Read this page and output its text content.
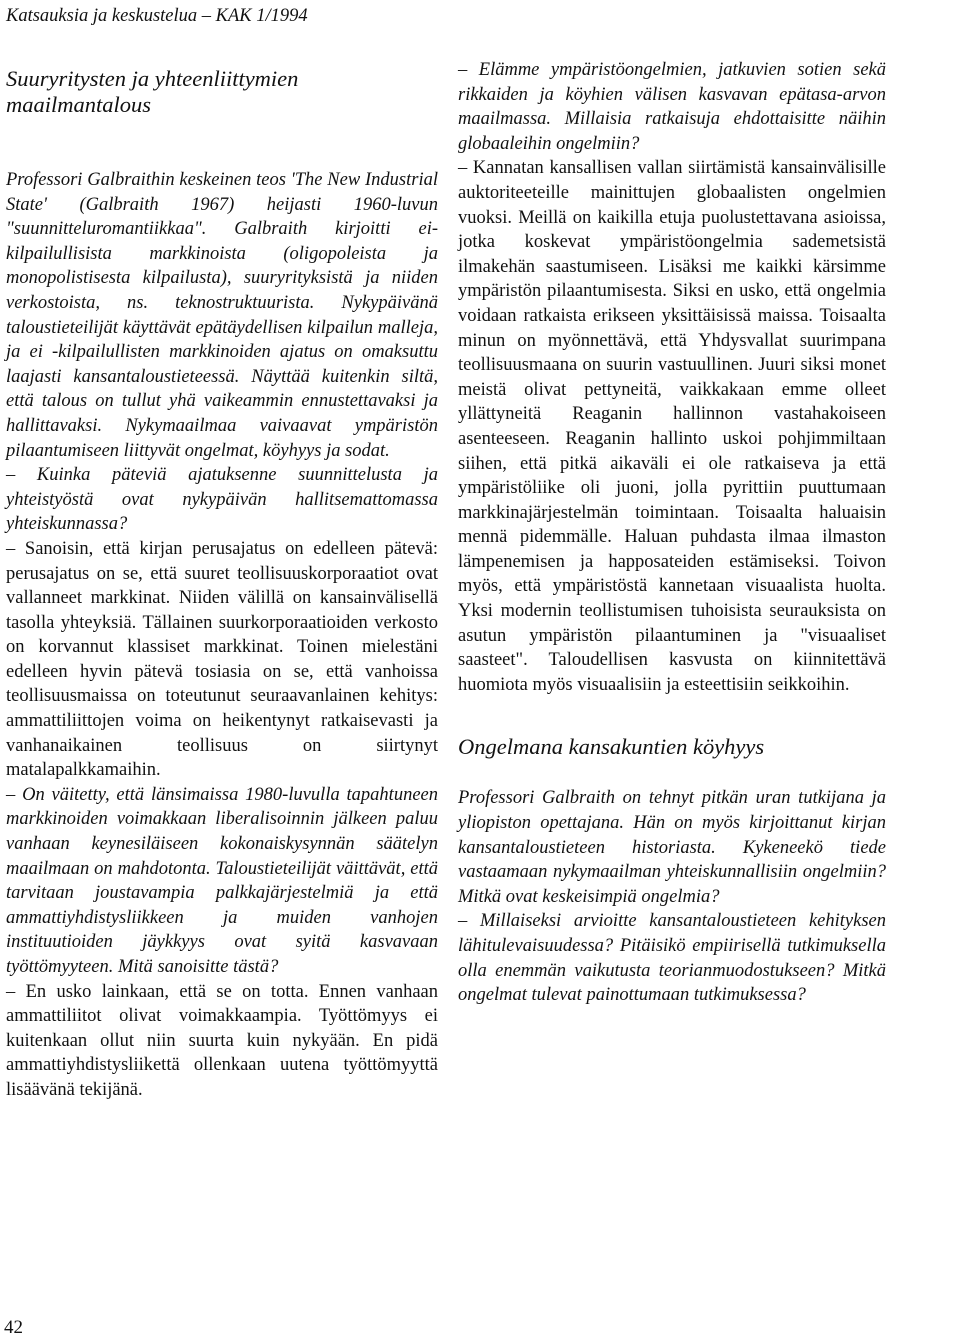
Katsauksia ja keskustelua – KAK 1/1994
Suuryritysten ja yhteenliittymien maailmantalous

Professori Galbraithin keskeinen teos 'The New Industrial State' (Galbraith 1967) heijasti 1960-luvun "suunnitteluromantiikkaa". Galbraith kirjoitti ei-kilpailullisista markkinoista (oligopoleista ja monopolistisesta kilpailusta), suuryrityksistä ja niiden verkostoista, ns. teknostruktuurista. Nykypäivänä taloustieteilijät käyttävät epätäydellisen kilpailun malleja, ja ei -kilpailullisten markkinoiden ajatus on omaksuttu laajasti kansantaloustieteessä. Näyttää kuitenkin siltä, että talous on tullut yhä vaikeammin ennustettavaksi ja hallittavaksi. Nykymaailmaa vaivaavat ympäristön pilaantumiseen liittyvät ongelmat, köyhyys ja sodat.

– Kuinka päteviä ajatuksenne suunnittelusta ja yhteistyöstä ovat nykypäivän hallitsemattomassa yhteiskunnassa?

– Sanoisin, että kirjan perusajatus on edelleen pätevä: perusajatus on se, että suuret teollisuuskorporaatiot ovat vallanneet markkinat. Niiden välillä on kansainvälisellä tasolla yhteyksiä. Tällainen suurkorporaatioiden verkosto on korvannut klassiset markkinat. Toinen mielestäni edelleen hyvin pätevä tosiasia on se, että vanhoissa teollisuusmaissa on toteutunut seuraavanlainen kehitys: ammattiliittojen voima on heikentynyt ratkaisevasti ja vanhanaikainen teollisuus on siirtynyt matalapalkkamaihin.

– On väitetty, että länsimaissa 1980-luvulla tapahtuneen markkinoiden voimakkaan liberalisoinnin jälkeen paluu vanhaan keynesiläiseen kokonaiskysynnän säätelyn maailmaan on mahdotonta. Taloustieteilijät väittävät, että tarvitaan joustavampia palkkajärjestelmiä ja että ammattiyhdistysliikkeen ja muiden vanhojen instituutioiden jäykkyys ovat syitä kasvavaan työttömyyteen. Mitä sanoisitte tästä?

– En usko lainkaan, että se on totta. Ennen vanhaan ammattiliitot olivat voimakkaampia. Työttömyys ei kuitenkaan ollut niin suurta kuin nykyään. En pidä ammattiyhdistysliikettä ollenkaan uutena työttömyyttä lisäävänä tekijänä.

– Elämme ympäristöongelmien, jatkuvien sotien sekä rikkaiden ja köyhien välisen kasvavan epätasa-arvon maailmassa. Millaisia ratkaisuja ehdottaisitte näihin globaaleihin ongelmiin?

– Kannatan kansallisen vallan siirtämistä kansainvälisille auktoriteeteille mainittujen globaalisten ongelmien vuoksi. Meillä on kaikilla etuja puolustettavana asioissa, jotka koskevat ympäristöongelmia sademetsistä ilmakehän saastumiseen. Lisäksi me kaikki kärsimme ympäristön pilaantumisesta. Siksi en usko, että ongelmia voidaan ratkaista erikseen yksittäisissä maissa. Toisaalta minun on myönnettävä, että Yhdysvallat suurimpana teollisuusmaana on suurin vastuullinen. Juuri siksi monet meistä olivat pettyneitä, vaikkakaan emme olleet yllättyneitä Reaganin hallinnon vastahakoiseen asenteeseen. Reaganin hallinto uskoi pohjimmiltaan siihen, että pitkä aikaväli ei ole ratkaiseva ja että ympäristöliike oli juoni, jolla pyrittiin puuttumaan markkinajärjestelmän toimintaan. Toisaalta haluaisin mennä pidemmälle. Haluan puhdasta ilmaa ilmaston lämpenemisen ja happosateiden estämiseksi. Toivon myös, että ympäristöstä kannetaan visuaalista huolta. Yksi modernin teollistumisen tuhoisista seurauksista on asutun ympäristön pilaantuminen ja "visuaaliset saasteet". Taloudellisen kasvusta on kiinnitettävä huomiota myös visuaalisiin ja esteettisiin seikkoihin.

Ongelmana kansakuntien köyhyys

Professori Galbraith on tehnyt pitkän uran tutkijana ja yliopiston opettajana. Hän on myös kirjoittanut kirjan kansantaloustieteen historiasta. Kykeneekö tiede vastaamaan nykymaailman yhteiskunnallisiin ongelmiin? Mitkä ovat keskeisimpiä ongelmia?

– Millaiseksi arvioitte kansantaloustieteen kehityksen lähitulevaisuudessa? Pitäisikö empiirisellä tutkimuksella olla enemmän vaikutusta teorianmuodostukseen? Mitkä ongelmat tulevat painottumaan tutkimuksessa?

42
